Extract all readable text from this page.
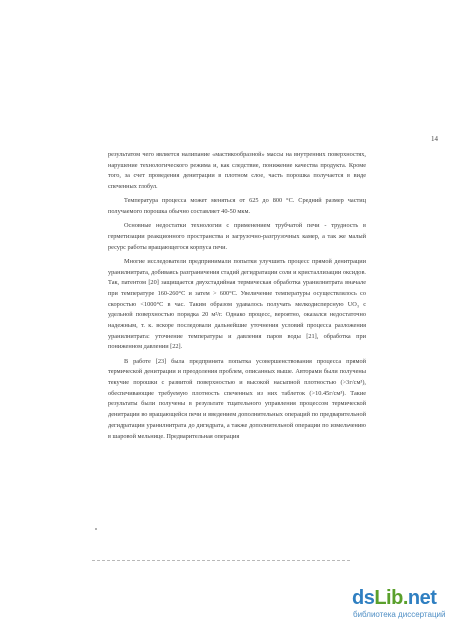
14

результатом чего является налипание «мастикообразной» массы на внутренних поверхностях, нарушение технологического режима и, как следствие, понижение качества продукта. Кроме того, за счет проведения денитрации в плотном слое, часть порошка получается в виде спеченных глобул.

Температура процесса может меняться от 625 до 800 °С. Средний размер частиц получаемого порошка обычно составляет 40-50 мкм.

Основные недостатки технологии с применением трубчатой печи - трудность в герметизации реакционного пространства и загрузочно-разгрузочных камер, а так же малый ресурс работы вращающегося корпуса печи.

Многие исследователи предпринимали попытки улучшить процесс прямой денитрации уранилнитрата, добиваясь разграничения стадий дегидратации соли и кристаллизации оксидов. Так, патентом [20] защищается двухстадийная термическая обработка уранилнитрата вначале при температуре 160-260°С и затем > 600°С. Увеличение температуры осуществлялось со скоростью <1000°С в час. Таким образом удавалось получать мелкодисперсную UO₃ с удельной поверхностью порядка 20 м²/г. Однако процесс, вероятно, оказался недостаточно надежным, т. к. вскоре последовали дальнейшие уточнения условий процесса разложения уранилнитрата: уточнение температуры и давления паров воды [21], обработка при пониженном давлении [22].

В работе [23] была предпринята попытка усовершенствования процесса прямой термической денитрации и преодоления проблем, описанных выше. Авторами были получены текучие порошки с развитой поверхностью и высокой насыпной плотностью (>3г/см³), обеспечивающие требуемую плотность спеченных из них таблеток (>10.45г/см³). Такие результаты были получены в результате тщательного управления процессом термической денитрации во вращающейся печи и введением дополнительных операций по предварительной дегидратации уранилнитрата до дигидрата, а также дополнительной операции по измельчению в шаровой мельнице. Предварительная операция

dsLib.net
библиотека диссертаций
